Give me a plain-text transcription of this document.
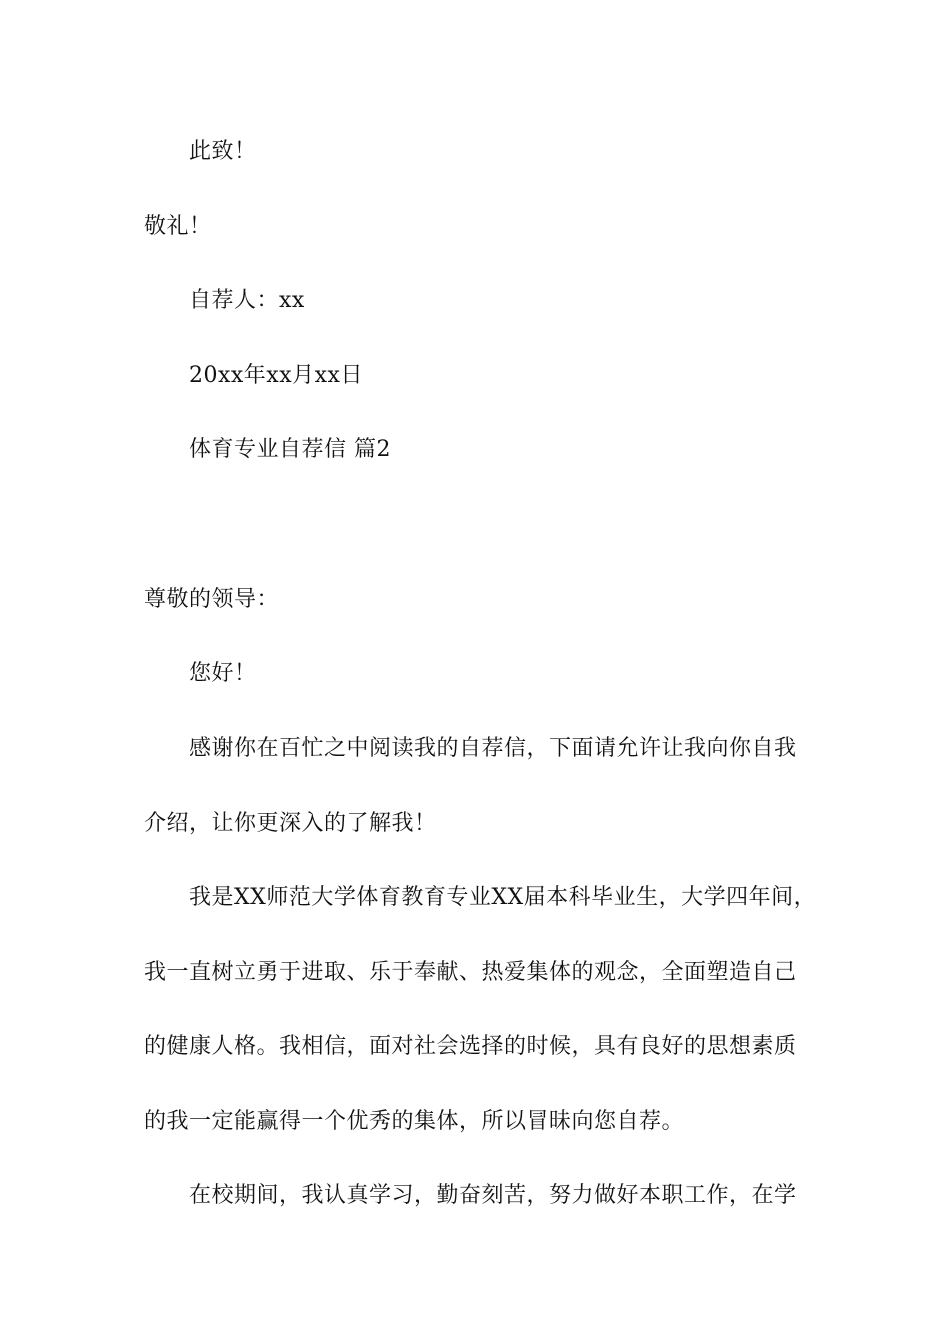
此致！
敬礼！
自荐人：xx
20xx年xx月xx日
体育专业自荐信 篇2
尊敬的领导：
您好！
感谢你在百忙之中阅读我的自荐信，下面请允许让我向你自我
介绍，让你更深入的了解我！
我是XX师范大学体育教育专业XX届本科毕业生，大学四年间，
我一直树立勇于进取、乐于奉献、热爱集体的观念，全面塑造自己
的健康人格。我相信，面对社会选择的时候，具有良好的思想素质
的我一定能赢得一个优秀的集体，所以冒昧向您自荐。
在校期间，我认真学习，勤奋刻苦，努力做好本职工作，在学
